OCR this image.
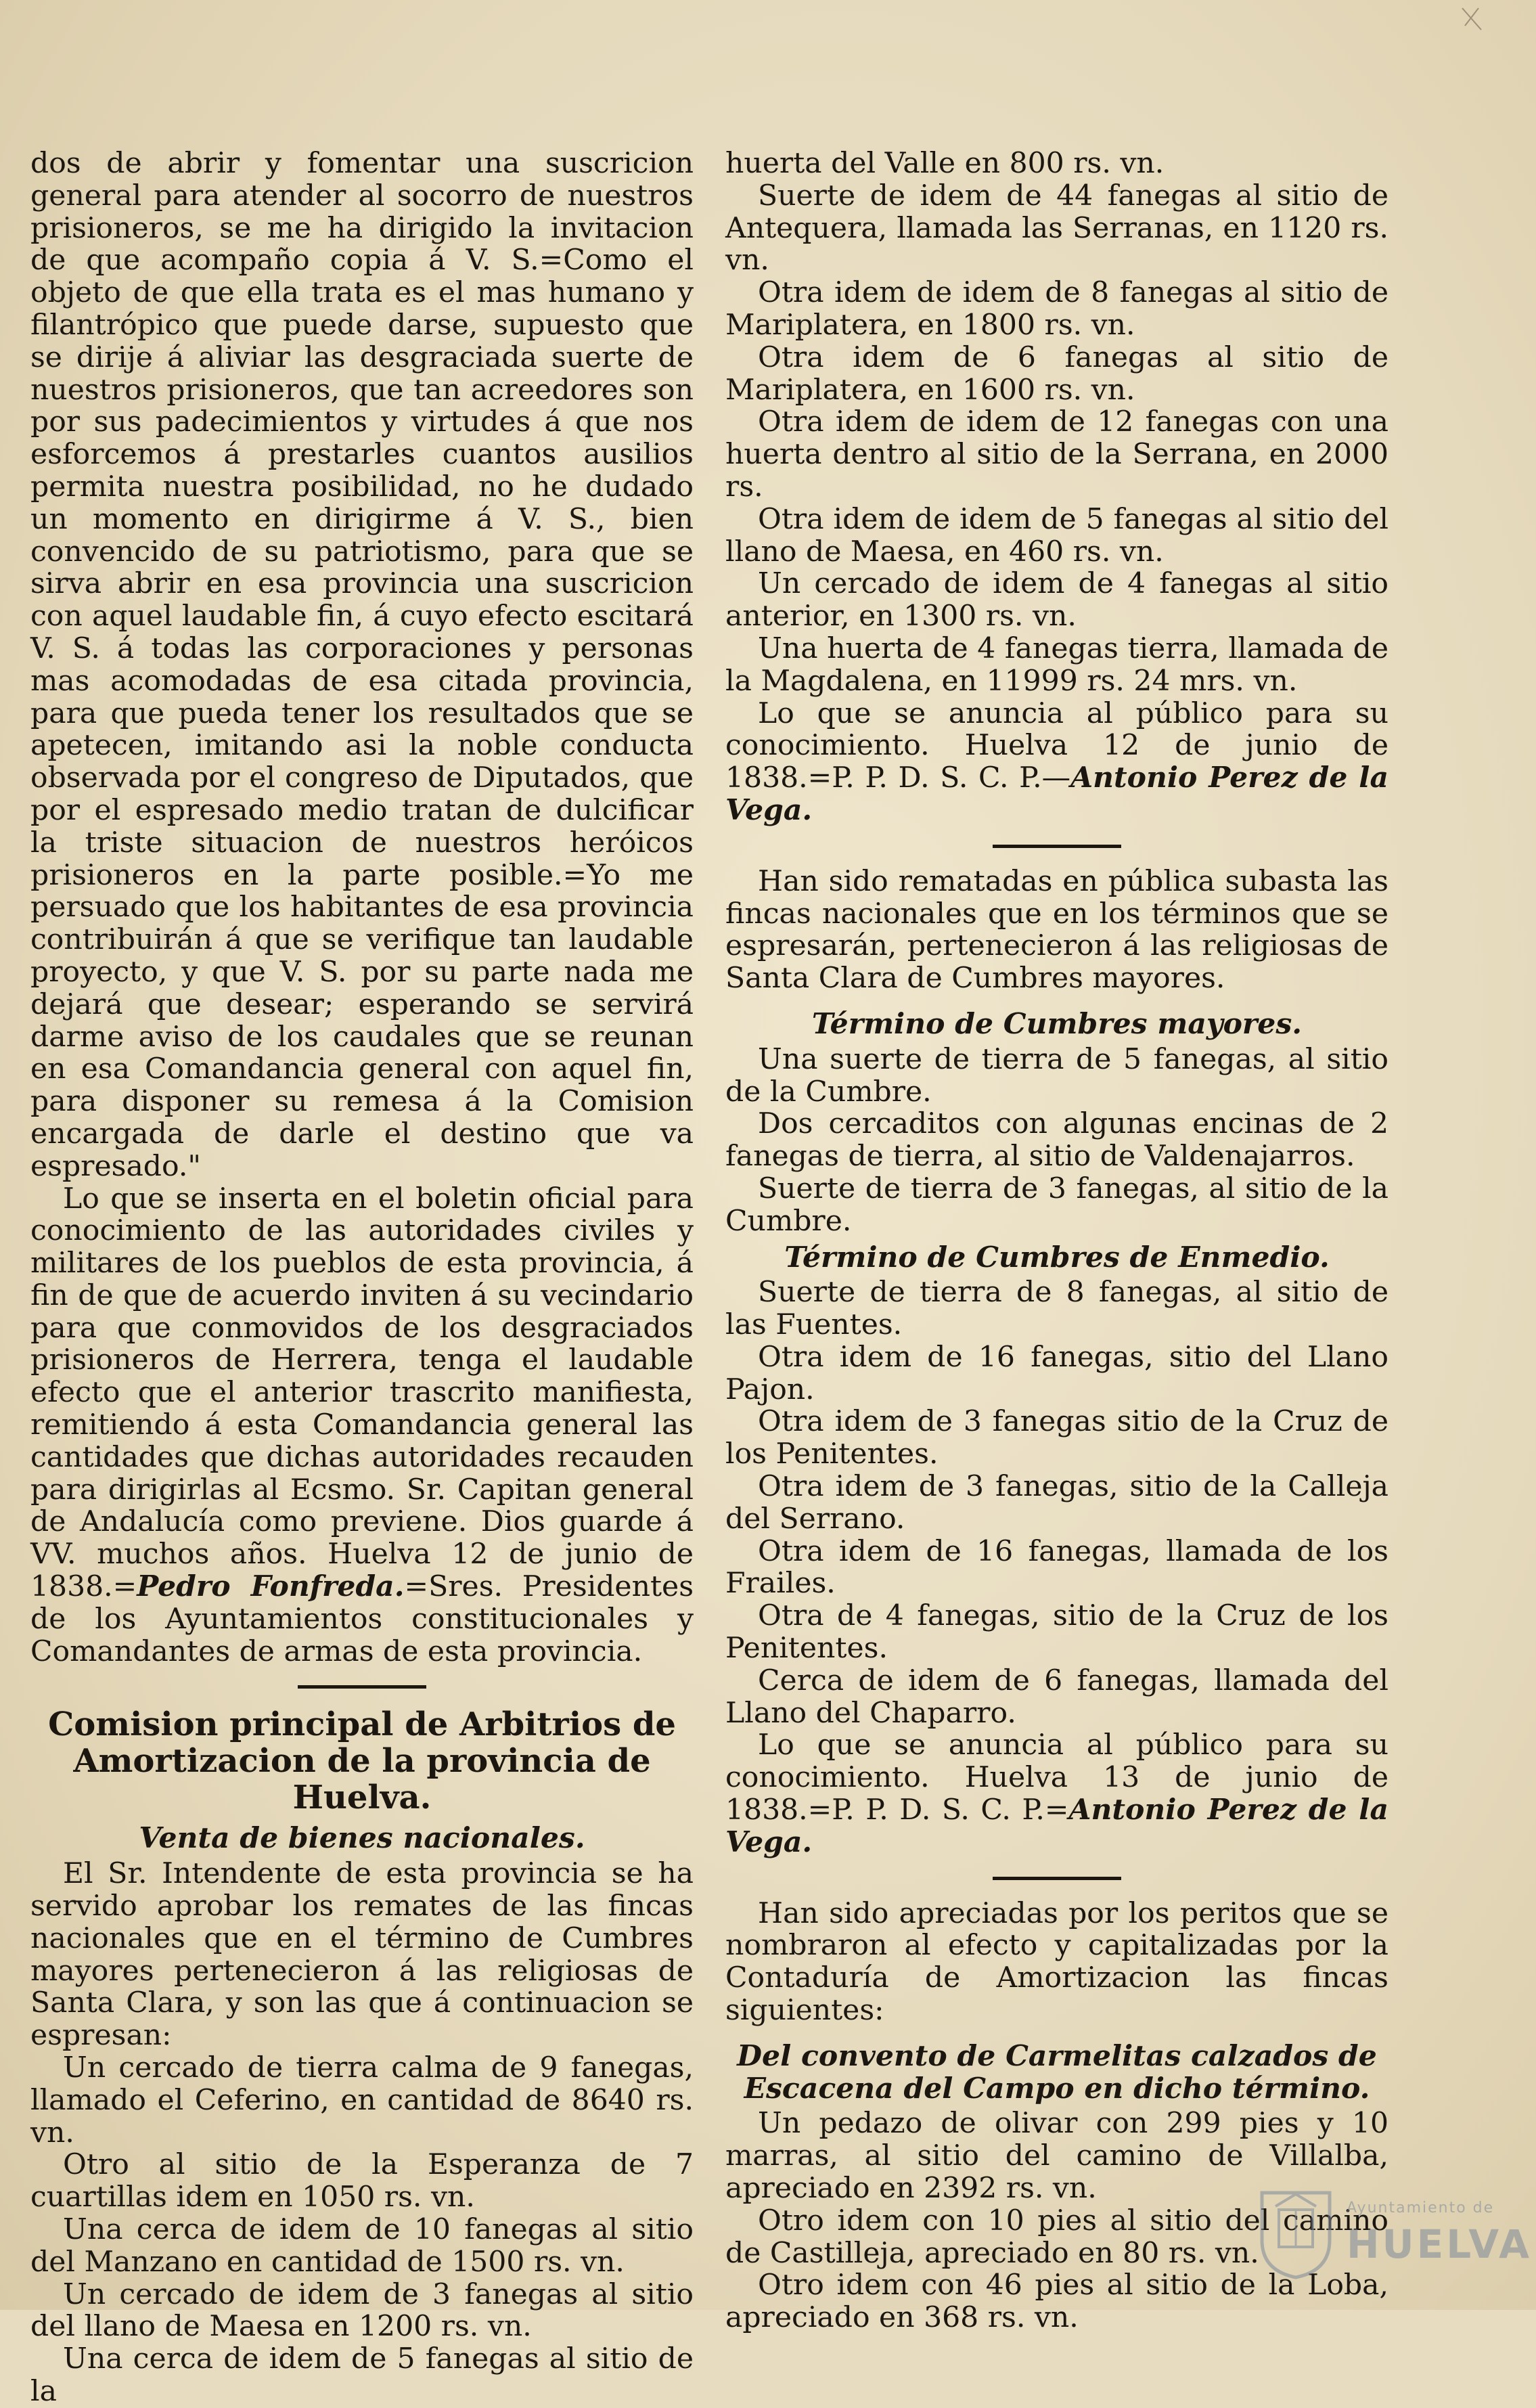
dos de abrir y fomentar una suscricion general para atender al socorro de nuestros prisioneros, se me ha dirigido la invitacion de que acompaño copia á V. S.=Como el objeto de que ella trata es el mas humano y filantrópico que puede darse, supuesto que se dirije á aliviar las desgraciada suerte de nuestros prisioneros, que tan acreedores son por sus padecimientos y virtudes á que nos esforcemos á prestarles cuantos ausilios permita nuestra posibilidad, no he dudado un momento en dirigirme á V. S., bien convencido de su patriotismo, para que se sirva abrir en esa provincia una suscricion con aquel laudable fin, á cuyo efecto escitará V. S. á todas las corporaciones y personas mas acomodadas de esa citada provincia, para que pueda tener los resultados que se apetecen, imitando asi la noble conducta observada por el congreso de Diputados, que por el espresado medio tratan de dulcificar la triste situacion de nuestros heróicos prisioneros en la parte posible.=Yo me persuado que los habitantes de esa provincia contribuirán á que se verifique tan laudable proyecto, y que V. S. por su parte nada me dejará que desear; esperando se servirá darme aviso de los caudales que se reunan en esa Comandancia general con aquel fin, para disponer su remesa á la Comision encargada de darle el destino que va espresado."

Lo que se inserta en el boletin oficial para conocimiento de las autoridades civiles y militares de los pueblos de esta provincia, á fin de que de acuerdo inviten á su vecindario para que conmovidos de los desgraciados prisioneros de Herrera, tenga el laudable efecto que el anterior trascrito manifiesta, remitiendo á esta Comandancia general las cantidades que dichas autoridades recauden para dirigirlas al Ecsmo. Sr. Capitan general de Andalucía como previene. Dios guarde á VV. muchos años. Huelva 12 de junio de 1838.=Pedro Fonfreda.=Sres. Presidentes de los Ayuntamientos constitucionales y Comandantes de armas de esta provincia.

Comision principal de Arbitrios de Amortizacion de la provincia de Huelva.
Venta de bienes nacionales.

El Sr. Intendente de esta provincia se ha servido aprobar los remates de las fincas nacionales que en el término de Cumbres mayores pertenecieron á las religiosas de Santa Clara, y son las que á continuacion se espresan:

Un cercado de tierra calma de 9 fanegas, llamado el Ceferino, en cantidad de 8640 rs. vn.

Otro al sitio de la Esperanza de 7 cuartillas idem en 1050 rs. vn.

Una cerca de idem de 10 fanegas al sitio del Manzano en cantidad de 1500 rs. vn.

Un cercado de idem de 3 fanegas al sitio del llano de Maesa en 1200 rs. vn.

Una cerca de idem de 5 fanegas al sitio de la

huerta del Valle en 800 rs. vn.

Suerte de idem de 44 fanegas al sitio de Antequera, llamada las Serranas, en 1120 rs. vn.

Otra idem de idem de 8 fanegas al sitio de Mariplatera, en 1800 rs. vn.

Otra idem de 6 fanegas al sitio de Mariplatera, en 1600 rs. vn.

Otra idem de idem de 12 fanegas con una huerta dentro al sitio de la Serrana, en 2000 rs.

Otra idem de idem de 5 fanegas al sitio del llano de Maesa, en 460 rs. vn.

Un cercado de idem de 4 fanegas al sitio anterior, en 1300 rs. vn.

Una huerta de 4 fanegas tierra, llamada de la Magdalena, en 11999 rs. 24 mrs. vn.

Lo que se anuncia al público para su conocimiento. Huelva 12 de junio de 1838.=P. P. D. S. C. P.—Antonio Perez de la Vega.

Han sido rematadas en pública subasta las fincas nacionales que en los términos que se espresarán, pertenecieron á las religiosas de Santa Clara de Cumbres mayores.

Término de Cumbres mayores.

Una suerte de tierra de 5 fanegas, al sitio de la Cumbre.

Dos cercaditos con algunas encinas de 2 fanegas de tierra, al sitio de Valdenajarros.

Suerte de tierra de 3 fanegas, al sitio de la Cumbre.

Término de Cumbres de Enmedio.

Suerte de tierra de 8 fanegas, al sitio de las Fuentes.

Otra idem de 16 fanegas, sitio del Llano Pajon.

Otra idem de 3 fanegas sitio de la Cruz de los Penitentes.

Otra idem de 3 fanegas, sitio de la Calleja del Serrano.

Otra idem de 16 fanegas, llamada de los Frailes.

Otra de 4 fanegas, sitio de la Cruz de los Penitentes.

Cerca de idem de 6 fanegas, llamada del Llano del Chaparro.

Lo que se anuncia al público para su conocimiento. Huelva 13 de junio de 1838.=P. P. D. S. C. P.=Antonio Perez de la Vega.

Han sido apreciadas por los peritos que se nombraron al efecto y capitalizadas por la Contaduría de Amortizacion las fincas siguientes:

Del convento de Carmelitas calzados de Escacena del Campo en dicho término.

Un pedazo de olivar con 299 pies y 10 marras, al sitio del camino de Villalba, apreciado en 2392 rs. vn.

Otro idem con 10 pies al sitio del camino de Castilleja, apreciado en 80 rs. vn.

Otro idem con 46 pies al sitio de la Loba, apreciado en 368 rs. vn.

Ayuntamiento de
HUELVA
